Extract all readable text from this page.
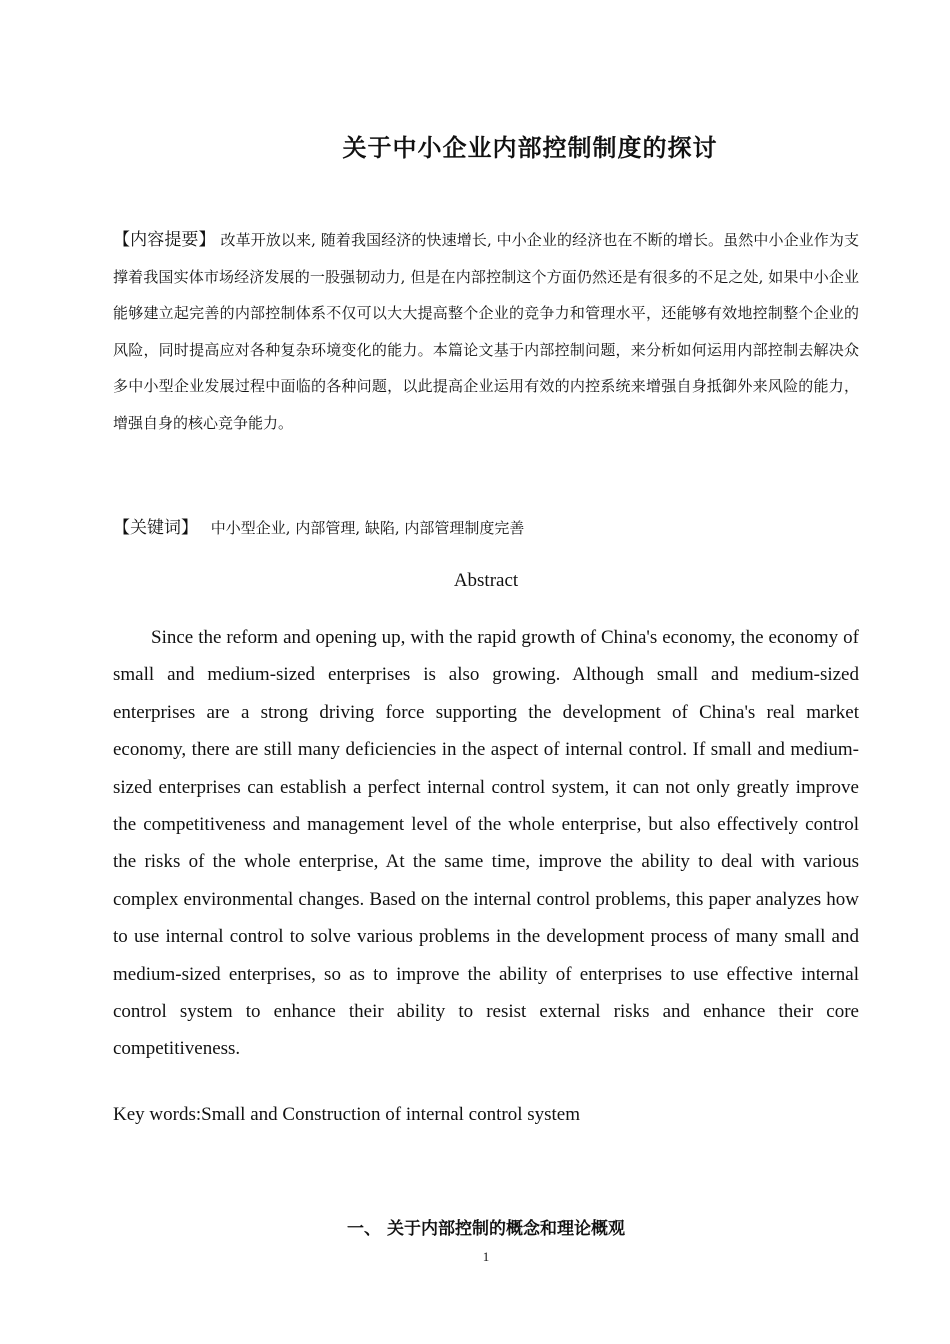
关于中小企业内部控制制度的探讨
【内容提要】 改革开放以来, 随着我国经济的快速增长, 中小企业的经济也在不断的增长。虽然中小企业作为支撑着我国实体市场经济发展的一股强韧动力, 但是在内部控制这个方面仍然还是有很多的不足之处, 如果中小企业能够建立起完善的内部控制体系不仅可以大大提高整个企业的竞争力和管理水平，还能够有效地控制整个企业的风险，同时提高应对各种复杂环境变化的能力。本篇论文基于内部控制问题，来分析如何运用内部控制去解决众多中小型企业发展过程中面临的各种问题，以此提高企业运用有效的内控系统来增强自身抵御外来风险的能力，增强自身的核心竞争能力。
【关键词】 中小型企业, 内部管理, 缺陷, 内部管理制度完善
Abstract
Since the reform and opening up, with the rapid growth of China's economy, the economy of small and medium-sized enterprises is also growing. Although small and medium-sized enterprises are a strong driving force supporting the development of China's real market economy, there are still many deficiencies in the aspect of internal control. If small and medium-sized enterprises can establish a perfect internal control system, it can not only greatly improve the competitiveness and management level of the whole enterprise, but also effectively control the risks of the whole enterprise, At the same time, improve the ability to deal with various complex environmental changes. Based on the internal control problems, this paper analyzes how to use internal control to solve various problems in the development process of many small and medium-sized enterprises, so as to improve the ability of enterprises to use effective internal control system to enhance their ability to resist external risks and enhance their core competitiveness.
Key words:Small and Construction of internal control system
一、 关于内部控制的概念和理论概观
1
